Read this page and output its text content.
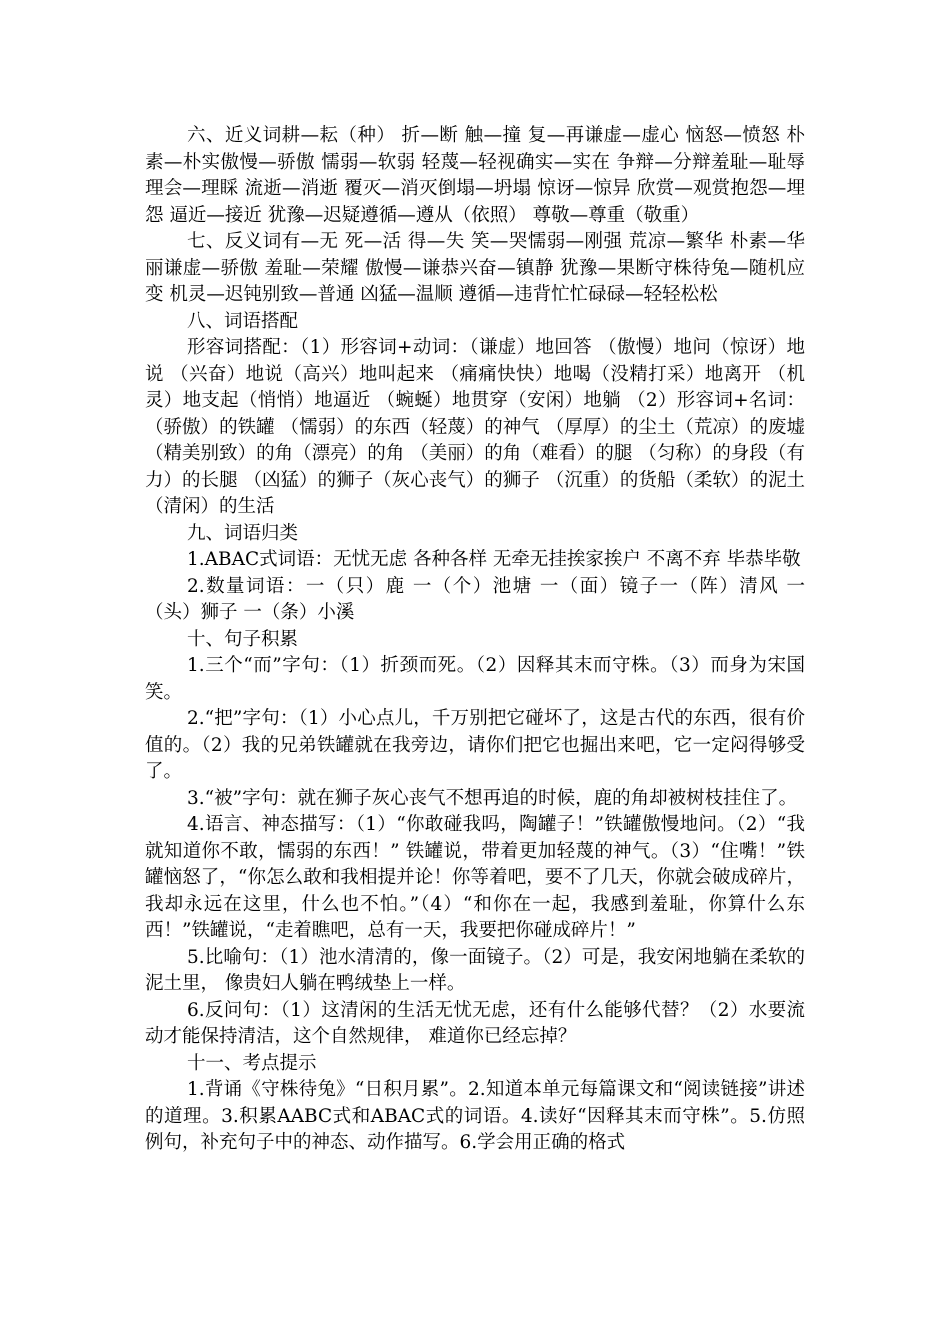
六、近义词耕—耘（种） 折—断 触—撞 复—再谦虚—虚心 恼怒—愤怒 朴素—朴实傲慢—骄傲 懦弱—软弱 轻蔑—轻视确实—实在 争辩—分辩羞耻—耻辱理会—理睬 流逝—消逝 覆灭—消灭倒塌—坍塌 惊讶—惊异 欣赏—观赏抱怨—埋怨 逼近—接近 犹豫—迟疑遵循—遵从（依照） 尊敬—尊重（敬重）

七、反义词有—无 死—活 得—失 笑—哭懦弱—刚强 荒凉—繁华 朴素—华丽谦虚—骄傲 羞耻—荣耀 傲慢—谦恭兴奋—镇静 犹豫—果断守株待兔—随机应变 机灵—迟钝别致—普通 凶猛—温顺 遵循—违背忙忙碌碌—轻轻松松

八、词语搭配

形容词搭配：（1）形容词+动词：（谦虚）地回答 （傲慢）地问（惊讶）地说 （兴奋）地说（高兴）地叫起来 （痛痛快快）地喝（没精打采）地离开 （机灵）地支起（悄悄）地逼近 （蜿蜒）地贯穿（安闲）地躺 （2）形容词+名词：（骄傲）的铁罐 （懦弱）的东西（轻蔑）的神气 （厚厚）的尘土（荒凉）的废墟 （精美别致）的角（漂亮）的角 （美丽）的角（难看）的腿 （匀称）的身段（有力）的长腿 （凶猛）的狮子（灰心丧气）的狮子 （沉重）的货船（柔软）的泥土 （清闲）的生活

九、词语归类

1.ABAC式词语：无忧无虑 各种各样 无牵无挂挨家挨户 不离不弃 毕恭毕敬

2.数量词语：一（只）鹿 一（个）池塘 一（面）镜子一（阵）清风 一（头）狮子 一（条）小溪

十、句子积累

1.三个“而”字句：（1）折颈而死。（2）因释其末而守株。（3）而身为宋国笑。

2.“把”字句：（1）小心点儿，千万别把它碰坏了，这是古代的东西，很有价值的。（2）我的兄弟铁罐就在我旁边，请你们把它也掘出来吧，它一定闷得够受了。

3.“被”字句：就在狮子灰心丧气不想再追的时候，鹿的角却被树枝挂住了。

4.语言、神态描写：（1）“你敢碰我吗，陶罐子！”铁罐傲慢地问。（2）“我就知道你不敢，懦弱的东西！” 铁罐说，带着更加轻蔑的神气。（3）“住嘴！”铁罐恼怒了，“你怎么敢和我相提并论！你等着吧，要不了几天，你就会破成碎片，我却永远在这里，什么也不怕。”（4）“和你在一起，我感到羞耻，你算什么东西！”铁罐说，“走着瞧吧，总有一天，我要把你碰成碎片！”

5.比喻句：（1）池水清清的，像一面镜子。（2）可是，我安闲地躺在柔软的泥土里， 像贵妇人躺在鸭绒垫上一样。

6.反问句：（1）这清闲的生活无忧无虑，还有什么能够代替？（2）水要流动才能保持清洁，这个自然规律， 难道你已经忘掉？

十一、考点提示

1.背诵《守株待兔》“日积月累”。2.知道本单元每篇课文和“阅读链接”讲述的道理。3.积累AABC式和ABAC式的词语。4.读好“因释其末而守株”。5.仿照例句，补充句子中的神态、动作描写。6.学会用正确的格式
